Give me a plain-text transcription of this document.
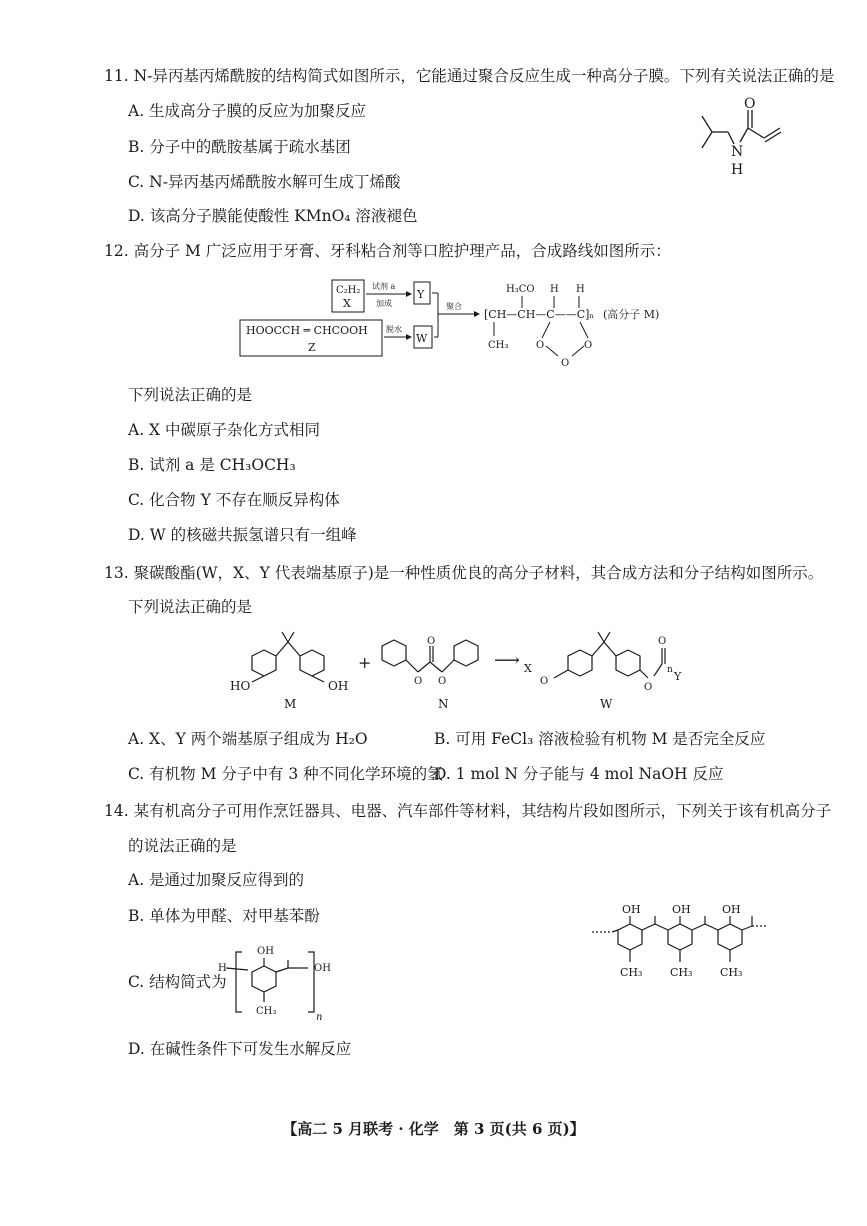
11. N-异丙基丙烯酰胺的结构简式如图所示，它能通过聚合反应生成一种高分子膜。下列有关说法正确的是
A. 生成高分子膜的反应为加聚反应
B. 分子中的酰胺基属于疏水基团
C. N-异丙基丙烯酰胺水解可生成丁烯酸
D. 该高分子膜能使酸性 KMnO₄ 溶液褪色
O
N
H
12. 高分子 M 广泛应用于牙膏、牙科粘合剂等口腔护理产品，合成路线如图所示：
C₂H₂
X
试剂 a
加成
Y
HOOCCH ═ CHCOOH
Z
脱水
W
聚合
[CH—CH—C——C]ₙ
H₃CO H H
CH₃	O	O
O
(高分子 M)
下列说法正确的是
A. X 中碳原子杂化方式相同
B. 试剂 a 是 CH₃OCH₃
C. 化合物 Y 不存在顺反异构体
D. W 的核磁共振氢谱只有一组峰
13. 聚碳酸酯(W，X、Y 代表端基原子)是一种性质优良的高分子材料，其合成方法和分子结构如图所示。
下列说法正确的是
HO	OH
M
+
O O
O
N
⟶ X
O
O
O
n Y
W
A. X、Y 两个端基原子组成为 H₂O	B. 可用 FeCl₃ 溶液检验有机物 M 是否完全反应
C. 有机物 M 分子中有 3 种不同化学环境的氢
D. 1 mol N 分子能与 4 mol NaOH 反应
14. 某有机高分子可用作烹饪器具、电器、汽车部件等材料，其结构片段如图所示，下列关于该有机高分子
的说法正确的是
A. 是通过加聚反应得到的
B. 单体为甲醛、对甲基苯酚
C. 结构简式为
D. 在碱性条件下可发生水解反应
H
OH
OH
CH₃
n
OH	OH	OH
CH₃	CH₃	CH₃
【高二 5 月联考 · 化学　第 3 页(共 6 页)】
